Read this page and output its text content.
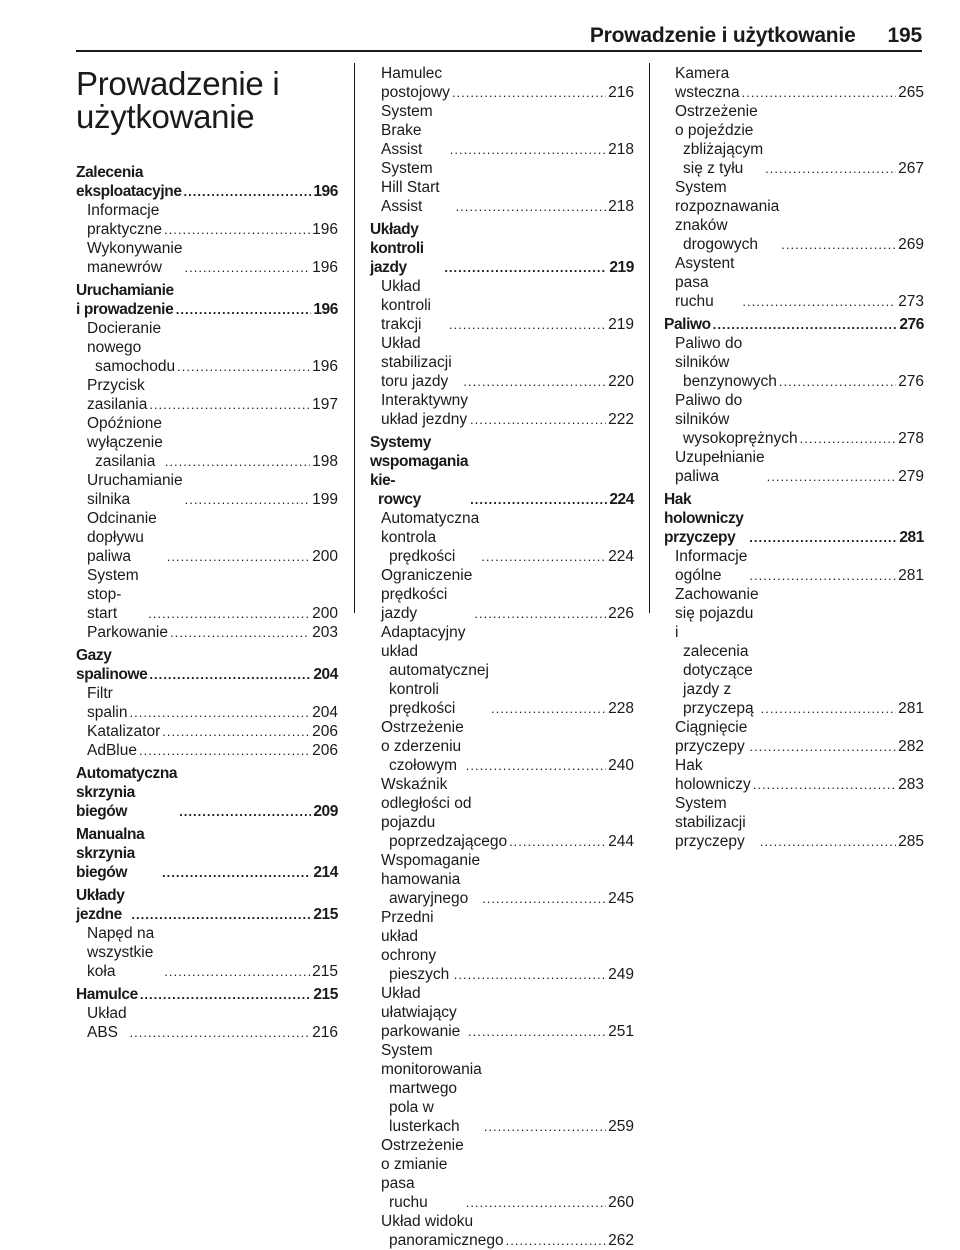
Prowadzenie i użytkowanie 195
Prowadzenie i użytkowanie
Zalecenia eksploatacyjne . . .	196
Informacje praktyczne . . .	196
Wykonywanie manewrów . . .	196
Uruchamianie i prowadzenie . . .	196
Docieranie nowego
samochodu . . .	196
Przycisk zasilania . . .	197
Opóźnione wyłączenie
zasilania . . .	198
Uruchamianie silnika . . .	199
Odcinanie dopływu paliwa . . .	200
System stop-start . . .	200
Parkowanie . . .	203
Gazy spalinowe . . .	204
Filtr spalin . . .	204
Katalizator . . .	206
AdBlue . . .	206
Automatyczna skrzynia biegów . . .	209
Manualna skrzynia biegów . . .	214
Układy jezdne . . .	215
Napęd na wszystkie koła . . .	215
Hamulce . . .	215
Układ ABS . . .	216
Hamulec postojowy . . .	216
System Brake Assist . . .	218
System Hill Start Assist . . .	218
Układy kontroli jazdy . . .	219
Układ kontroli trakcji . . .	219
Układ stabilizacji toru jazdy . . .	220
Interaktywny układ jezdny . . .	222
Systemy wspomagania kie-
rowcy . . .	224
Automatyczna kontrola
prędkości . . .	224
Ograniczenie prędkości jazdy . . .	226
Adaptacyjny układ
automatycznej kontroli
prędkości . . .	228
Ostrzeżenie o zderzeniu
czołowym . . .	240
Wskaźnik odległości od pojazdu
poprzedzającego . . .	244
Wspomaganie hamowania
awaryjnego . . .	245
Przedni układ ochrony
pieszych . . .	249
Układ ułatwiający parkowanie . . .	251
System monitorowania
martwego pola w lusterkach . . .	259
Ostrzeżenie o zmianie pasa
ruchu . . .	260
Układ widoku
panoramicznego . . .	262
Kamera wsteczna . . .	265
Ostrzeżenie o pojeździe
zbliżającym się z tyłu . . .	267
System rozpoznawania znaków
drogowych . . .	269
Asystent pasa ruchu . . .	273
Paliwo . . .	276
Paliwo do silników
benzynowych . . .	276
Paliwo do silników
wysokoprężnych . . .	278
Uzupełnianie paliwa . . .	279
Hak holowniczy przyczepy . . .	281
Informacje ogólne . . .	281
Zachowanie się pojazdu i
zalecenia dotyczące jazdy z
przyczepą . . .	281
Ciągnięcie przyczepy . . .	282
Hak holowniczy . . .	283
System stabilizacji przyczepy . . .	285
